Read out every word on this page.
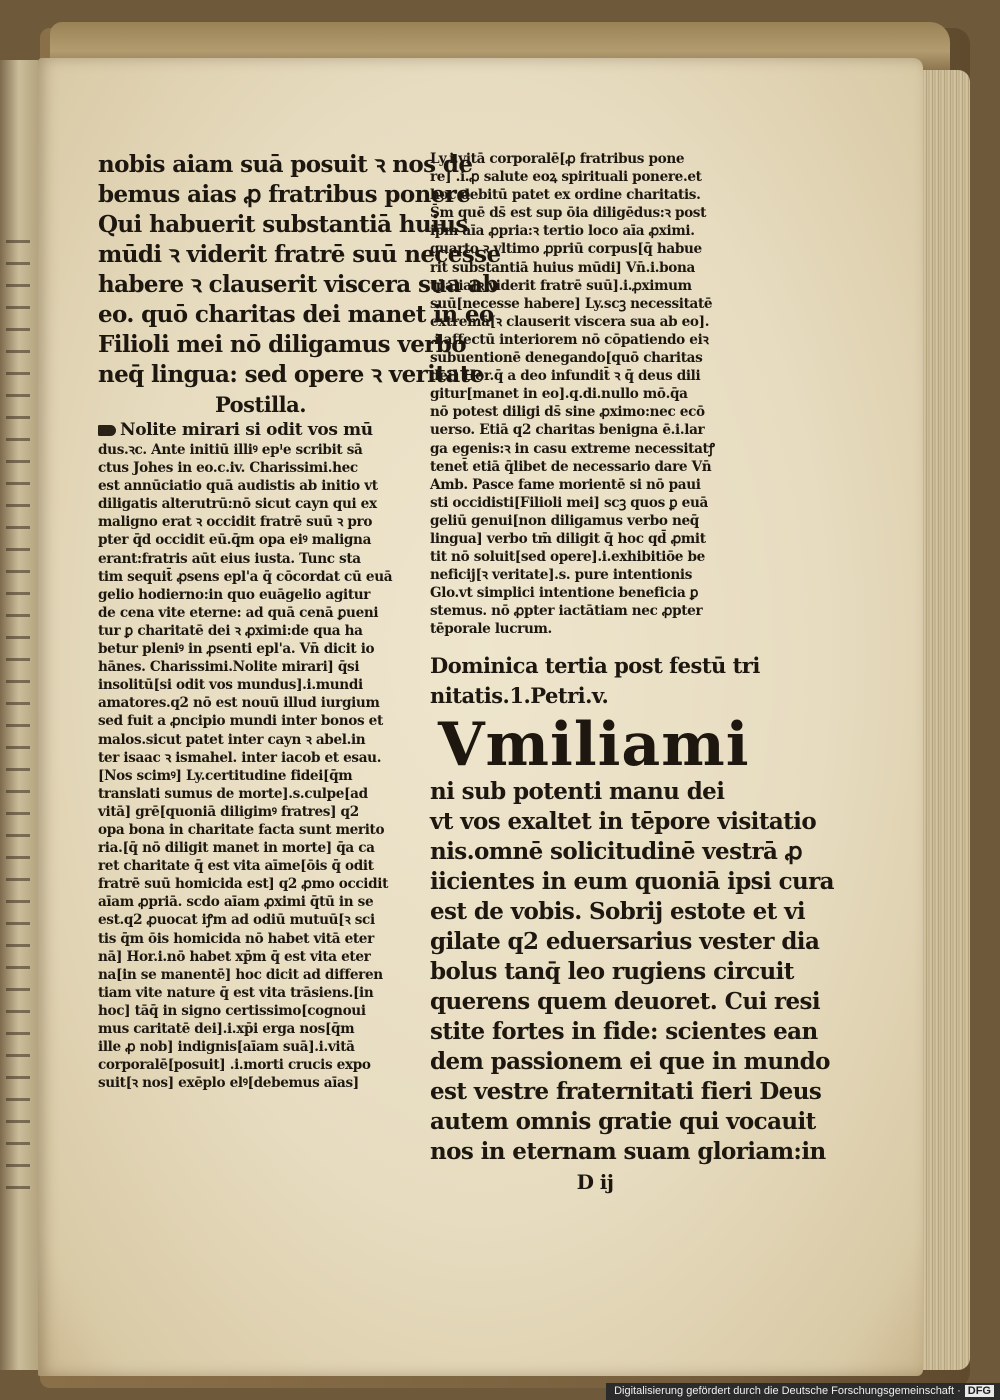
nobis aiam suā posuit ꝛ nos de
bemus aias ꝓ fratribus ponere
Qui habuerit substantiā huius
mūdi ꝛ viderit fratrē suū necesse
habere ꝛ clauserit viscera sua ab
eo. quō charitas dei manet in eo
Filioli mei nō diligamus verbo
neq̄ lingua: sed opere ꝛ veritate
Postilla.
Nolite mirari si odit vos mū
dus.ꝛc. Ante initiū illiꝰ epˡe scribit sā
ctus Johes in eo.c.iv. Charissimi.hec
est annūciatio quā audistis ab initio vt
diligatis alterutrū:nō sicut cayn qui ex
maligno erat ꝛ occidit fratrē suū ꝛ pro
pter q̄d occidit eū.q̄m opa eiꝰ maligna
erant:fratris aūt eius iusta. Tunc sta
tim sequit̄ ꝓsens epl'a q̄ cōcordat cū euā
gelio hodierno:in quo euāgelio agitur
de cena vite eterne: ad quā cenā ꝑueni
tur ꝑ charitatē dei ꝛ ꝓximi:de qua ha
betur pleniꝰ in ꝓsenti epl'a. Vn̄ dicit io
hānes. Charissimi.Nolite mirari] q̄si
insolitū[si odit vos mundus].i.mundi
amatores.q2 nō est nouū illud iurgium
sed fuit a ꝓncipio mundi inter bonos et
malos.sicut patet inter cayn ꝛ abel.in
ter isaac ꝛ ismahel. inter iacob et esau.
[Nos scimꝰ] Ly.certitudine fidei[q̄m
translati sumus de morte].s.culpe[ad
vitā] grē[quoniā diligimꝰ fratres] q2
opa bona in charitate facta sunt merito
ria.[q̄ nō diligit manet in morte] q̄a ca
ret charitate q̄ est vita aīme[ōis q̄ odit
fratrē suū homicida est] q2 ꝓmo occidit
aīam ꝓpriā. scdo aīam ꝓximi q̄tū in se
est.q2 ꝓuocat iꝭm ad odiū mutuū[ꝛ sci
tis q̄m ōis homicida nō habet vitā eter
nā] Hor.i.nō habet xp̄m q̄ est vita eter
na[in se manentē] hoc dicit ad differen
tiam vite nature q̄ est vita trāsiens.[in
hoc] tāq̄ in signo certissimo[cognoui
mus caritatē dei].i.xp̄i erga nos[q̄m
ille ꝓ nob] indignis[aīam suā].i.vitā
corporalē[posuit] .i.morti crucis expo
suit[ꝛ nos] exēplo elꝰ[debemus aīas]
Ly.i.vitā corporalē[ꝓ fratribus pone
re] .i.ꝓ salute eoꝝ spirituali ponere.et
hoc debitū patet ex ordine charitatis.
S̄m quē ds̄ est sup ōia diligēdus:ꝛ post
ip̄m aīa ꝓpria:ꝛ tertio loco aīa ꝓximi.
quarto ꝛ vltimo ꝓpriū corpus[q̄ habue
rit substantiā huius mūdi] Vn̄.i.bona
tp̄alia[ꝛ viderit fratrē suū].i.ꝓximum
suū[necesse habere] Ly.scꝫ necessitatē
extremā[ꝛ clauserit viscera sua ab eo].
.i.affectū interiorem nō cōpatiendo eiꝛ
subuentionē denegando[quō charitas
dei] Hor.q̄ a deo infundit̄ ꝛ q̄ deus dili
gitur[manet in eo].q.di.nullo mō.q̄a
nō potest diligi ds̄ sine ꝓximo:nec ecō
uerso. Etiā q2 charitas benigna ē.i.lar
ga egenis:ꝛ in casu extreme necessitatꝭ
tenet̄ etiā q̄libet de necessario dare Vn̄
Amb. Pasce fame morientē si nō paui
sti occidisti[Filioli mei] scꝫ quos ꝑ euā
geliū genui[non diligamus verbo neq̄
lingua] verbo tm̄ diligit q̄ hoc qd̄ ꝓmit
tit nō soluit[sed opere].i.exhibitiōe be
neficij[ꝛ veritate].s. pure intentionis
Glo.vt simplici intentione beneficia ꝑ
stemus. nō ꝓpter iactātiam nec ꝓpter
tēporale lucrum.
Dominica tertia post festū tri
nitatis.1.Petri.v.
Vmiliami
ni sub potenti manu dei
vt vos exaltet in tēpore visitatio
nis.omnē solicitudinē vestrā ꝓ
iicientes in eum quoniā ipsi cura
est de vobis. Sobrij estote et vi
gilate q2 eduersarius vester dia
bolus tanq̄ leo rugiens circuit
querens quem deuoret. Cui resi
stite fortes in fide: scientes ean
dem passionem ei que in mundo
est vestre fraternitati fieri Deus
autem omnis gratie qui vocauit
nos in eternam suam gloriam:in
D ij
Digitalisierung gefördert durch die Deutsche Forschungsgemeinschaft · DFG
